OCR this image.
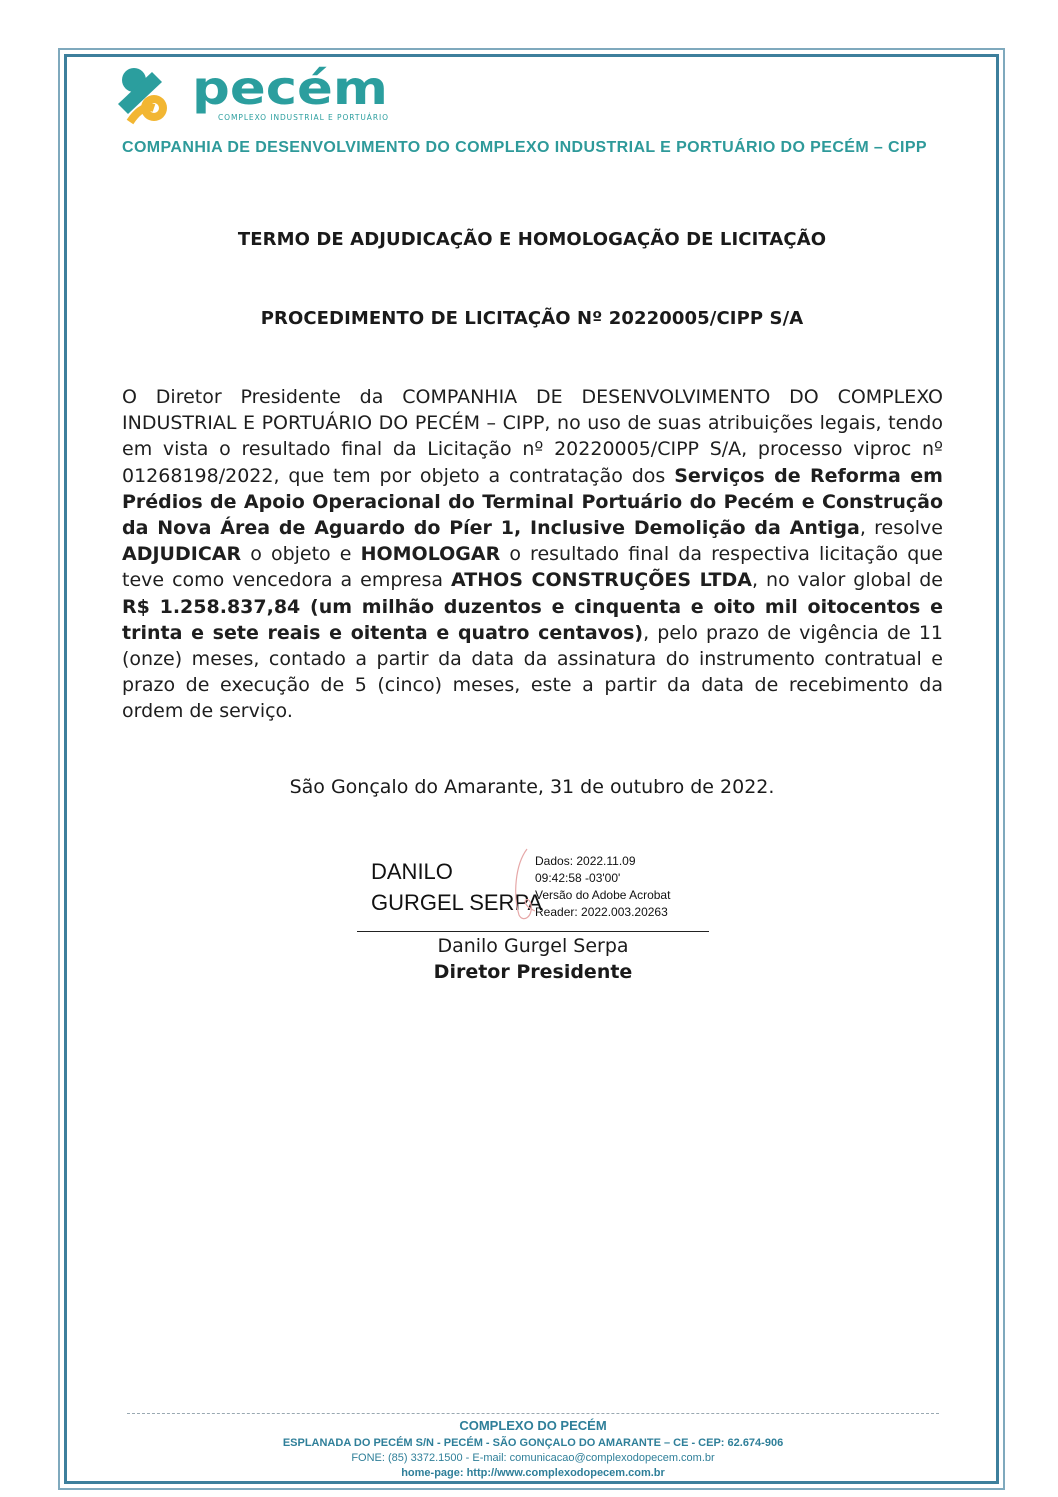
pecém
COMPLEXO INDUSTRIAL E PORTUÁRIO
COMPANHIA DE DESENVOLVIMENTO DO COMPLEXO INDUSTRIAL E PORTUÁRIO DO PECÉM – CIPP
TERMO DE ADJUDICAÇÃO E HOMOLOGAÇÃO DE LICITAÇÃO
PROCEDIMENTO DE LICITAÇÃO Nº 20220005/CIPP S/A
O Diretor Presidente da COMPANHIA DE DESENVOLVIMENTO DO COMPLEXO INDUSTRIAL E PORTUÁRIO DO PECÉM – CIPP, no uso de suas atribuições legais, tendo em vista o resultado final da Licitação nº 20220005/CIPP S/A, processo viproc nº 01268198/2022, que tem por objeto a contratação dos Serviços de Reforma em Prédios de Apoio Operacional do Terminal Portuário do Pecém e Construção da Nova Área de Aguardo do Píer 1, Inclusive Demolição da Antiga, resolve ADJUDICAR o objeto e HOMOLOGAR o resultado final da respectiva licitação que teve como vencedora a empresa ATHOS CONSTRUÇÕES LTDA, no valor global de R$ 1.258.837,84 (um milhão duzentos e cinquenta e oito mil oitocentos e trinta e sete reais e oitenta e quatro centavos), pelo prazo de vigência de 11 (onze) meses, contado a partir da data da assinatura do instrumento contratual e prazo de execução de 5 (cinco) meses, este a partir da data de recebimento da ordem de serviço.
São Gonçalo do Amarante, 31 de outubro de 2022.
DANILO
GURGEL SERPA
Dados: 2022.11.09
09:42:58 -03'00'
Versão do Adobe Acrobat
Reader: 2022.003.20263
Danilo Gurgel Serpa
Diretor Presidente
COMPLEXO DO PECÉM
ESPLANADA DO PECÉM S/N - PECÉM - SÃO GONÇALO DO AMARANTE – CE - CEP: 62.674-906
FONE: (85) 3372.1500 - E-mail: comunicacao@complexodopecem.com.br
home-page: http://www.complexodopecem.com.br
